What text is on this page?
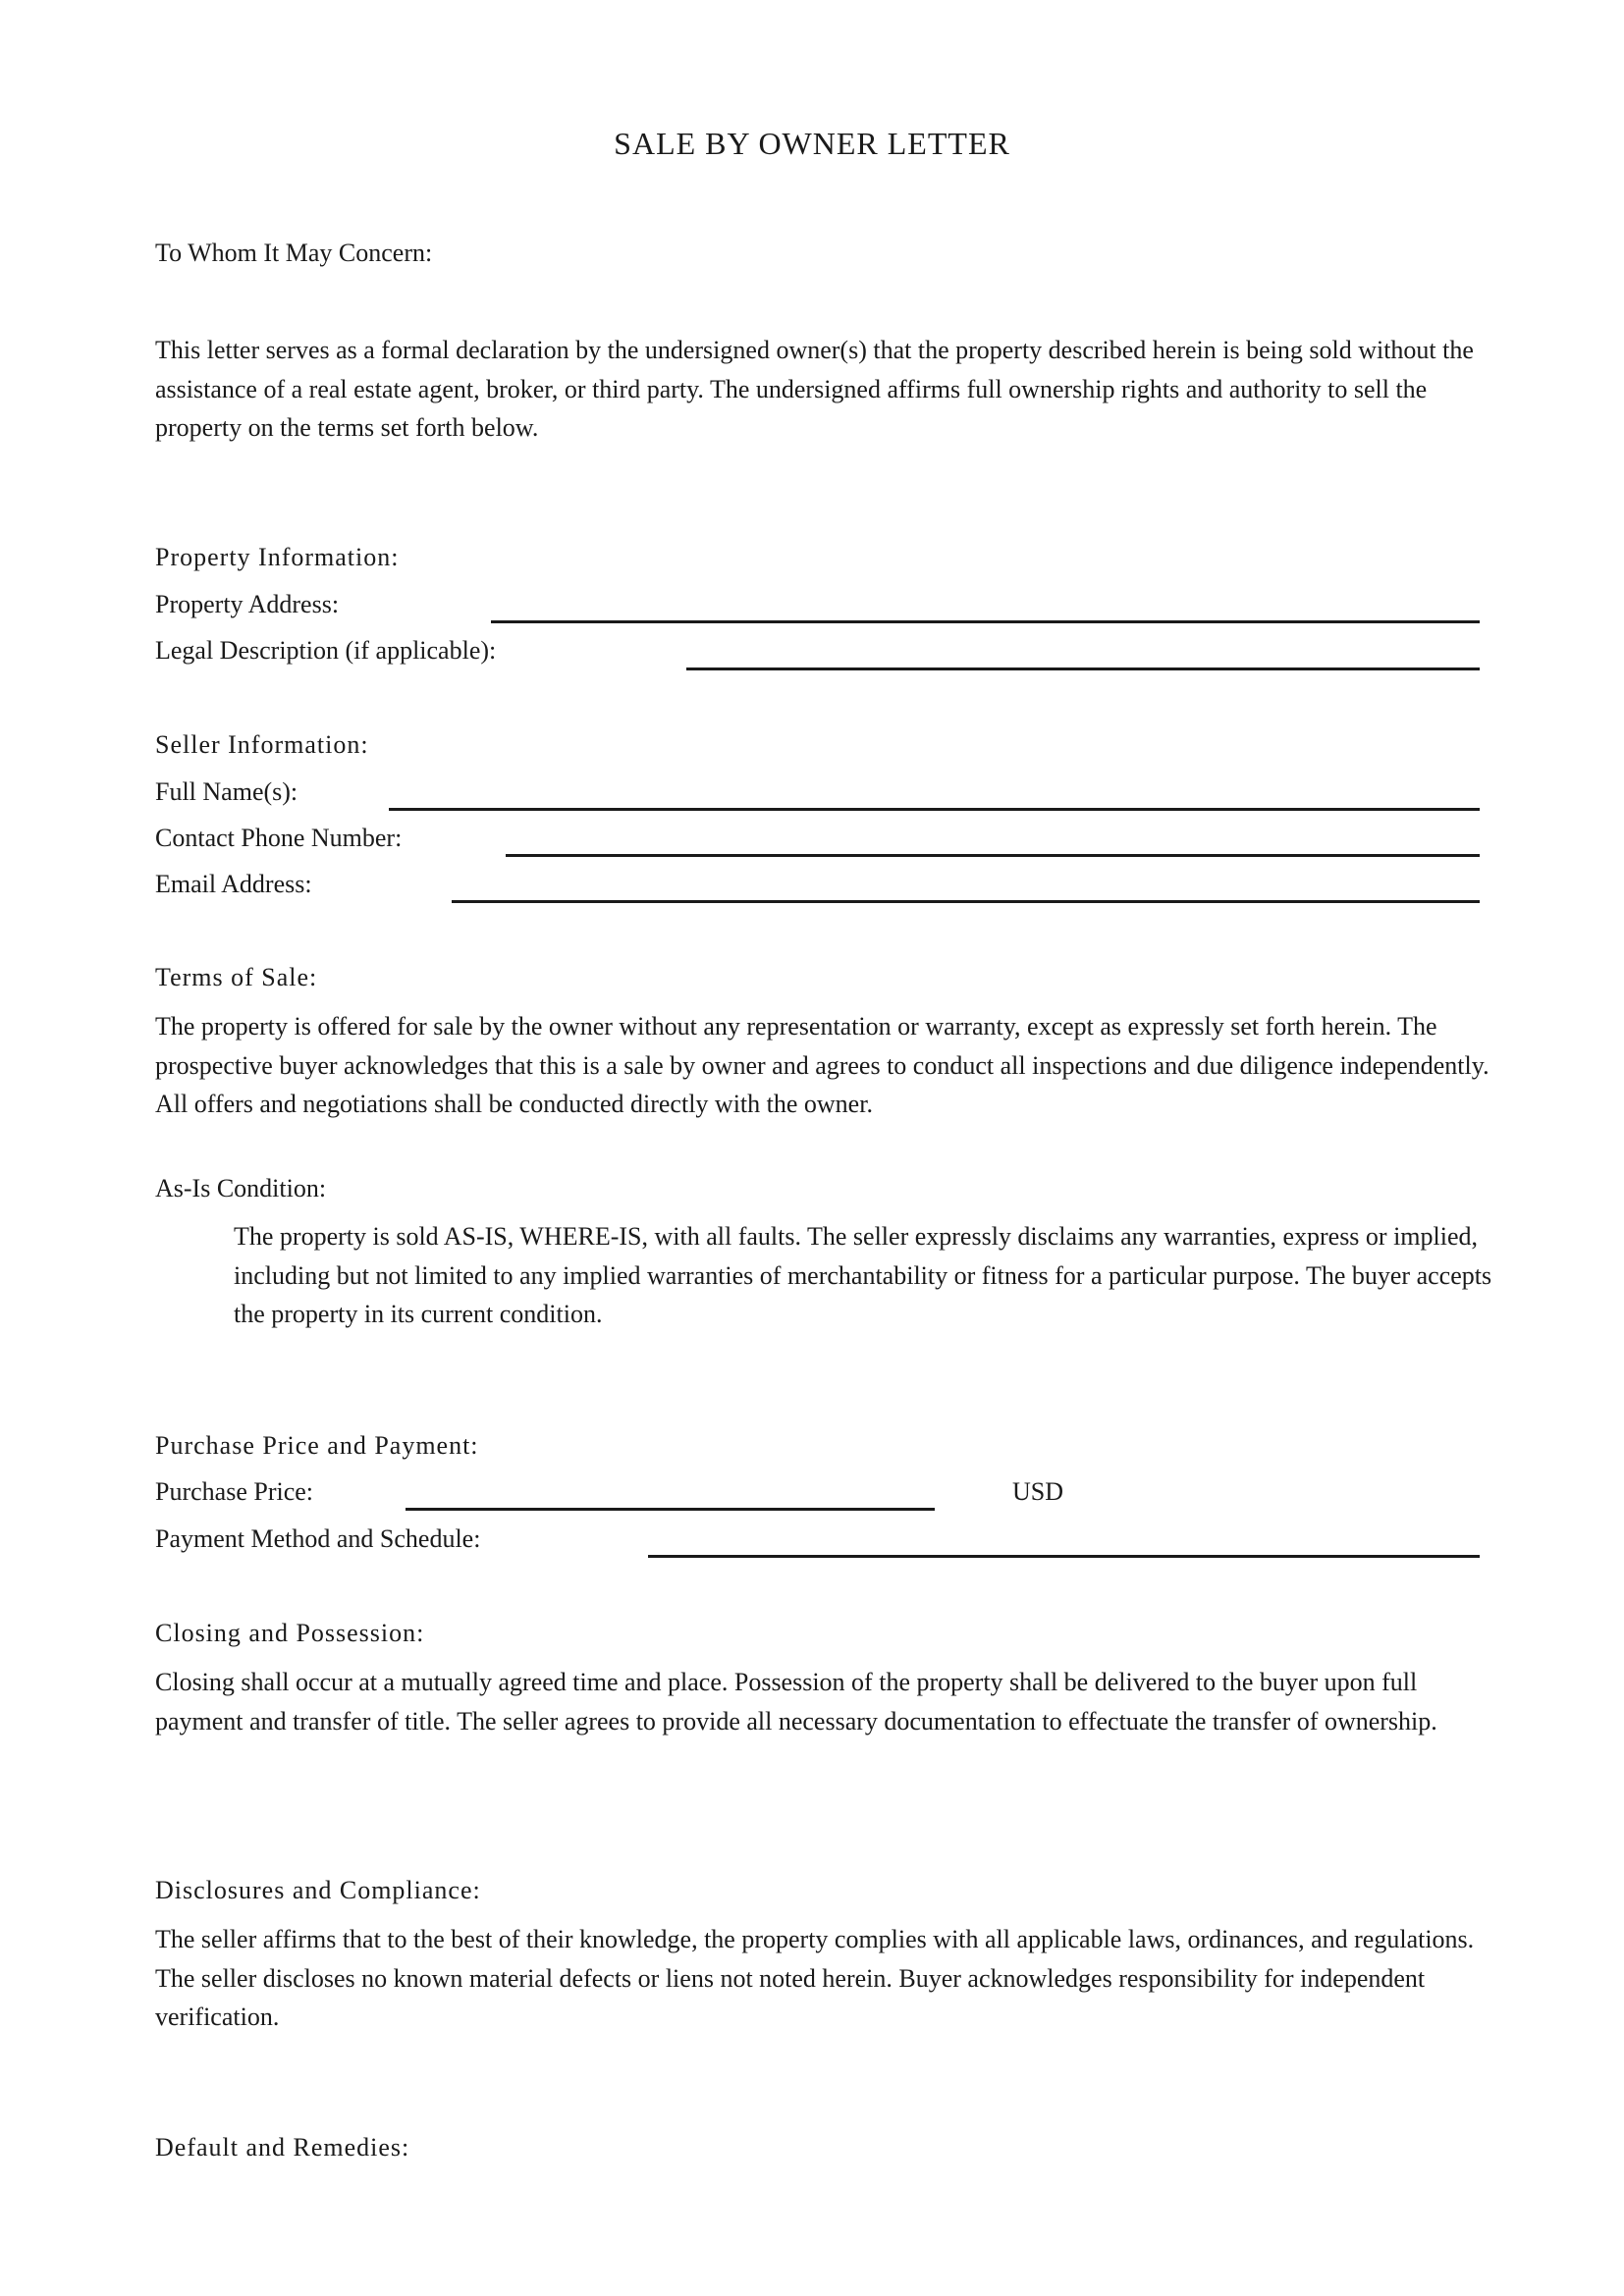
SALE BY OWNER LETTER
To Whom It May Concern:
This letter serves as a formal declaration by the undersigned owner(s) that the property described herein is being sold without the assistance of a real estate agent, broker, or third party. The undersigned affirms full ownership rights and authority to sell the property on the terms set forth below.
Property Information:
Property Address:
Legal Description (if applicable):
Seller Information:
Full Name(s):
Contact Phone Number:
Email Address:
Terms of Sale:
The property is offered for sale by the owner without any representation or warranty, except as expressly set forth herein. The prospective buyer acknowledges that this is a sale by owner and agrees to conduct all inspections and due diligence independently. All offers and negotiations shall be conducted directly with the owner.
As-Is Condition:
The property is sold AS-IS, WHERE-IS, with all faults. The seller expressly disclaims any warranties, express or implied, including but not limited to any implied warranties of merchantability or fitness for a particular purpose. The buyer accepts the property in its current condition.
Purchase Price and Payment:
Purchase Price:	USD
Payment Method and Schedule:
Closing and Possession:
Closing shall occur at a mutually agreed time and place. Possession of the property shall be delivered to the buyer upon full payment and transfer of title. The seller agrees to provide all necessary documentation to effectuate the transfer of ownership.
Disclosures and Compliance:
The seller affirms that to the best of their knowledge, the property complies with all applicable laws, ordinances, and regulations. The seller discloses no known material defects or liens not noted herein. Buyer acknowledges responsibility for independent verification.
Default and Remedies:
